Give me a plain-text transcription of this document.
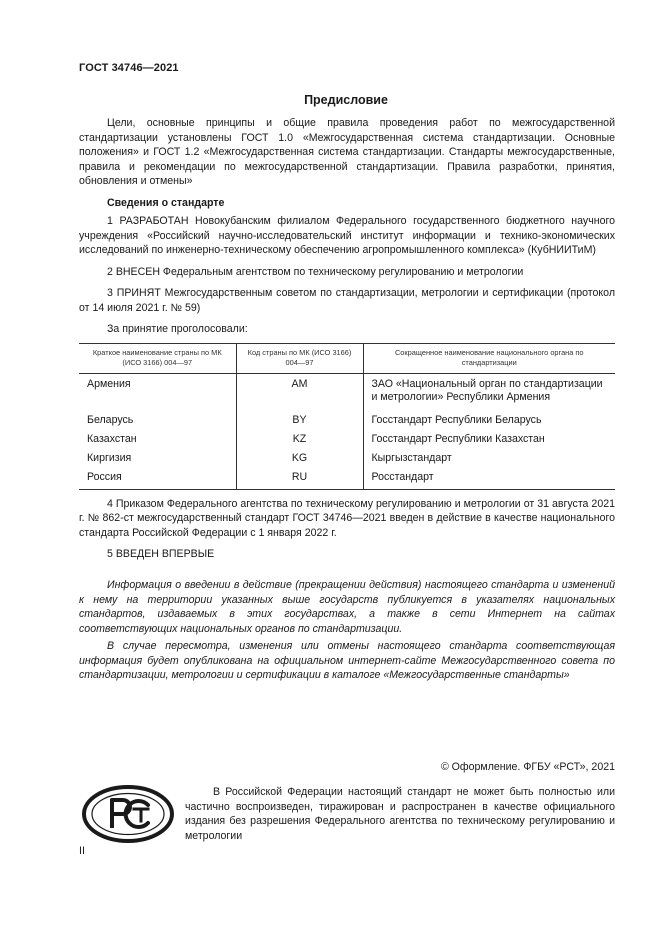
ГОСТ 34746—2021
Предисловие

Цели, основные принципы и общие правила проведения работ по межгосударственной стандартизации установлены ГОСТ 1.0 «Межгосударственная система стандартизации. Основные положения» и ГОСТ 1.2 «Межгосударственная система стандартизации. Стандарты межгосударственные, правила и рекомендации по межгосударственной стандартизации. Правила разработки, принятия, обновления и отмены»

Сведения о стандарте

1 РАЗРАБОТАН Новокубанским филиалом Федерального государственного бюджетного научного учреждения «Российский научно-исследовательский институт информации и технико-экономических исследований по инженерно-техническому обеспечению агропромышленного комплекса» (КубНИИТиМ)

2 ВНЕСЕН Федеральным агентством по техническому регулированию и метрологии

3 ПРИНЯТ Межгосударственным советом по стандартизации, метрологии и сертификации (протокол от 14 июля 2021 г. № 59)

За принятие проголосовали:

Краткое наименование страны по МК (ИСО 3166) 004—97	Код страны по МК (ИСО 3166) 004—97	Сокращенное наименование национального органа по стандартизации
Армения	AM	ЗАО «Национальный орган по стандартизации и метрологии» Республики Армения
Беларусь	BY	Госстандарт Республики Беларусь
Казахстан	KZ	Госстандарт Республики Казахстан
Киргизия	KG	Кыргызстандарт
Россия	RU	Росстандарт

4 Приказом Федерального агентства по техническому регулированию и метрологии от 31 августа 2021 г. № 862-ст межгосударственный стандарт ГОСТ 34746—2021 введен в действие в качестве национального стандарта Российской Федерации с 1 января 2022 г.

5 ВВЕДЕН ВПЕРВЫЕ

Информация о введении в действие (прекращении действия) настоящего стандарта и изменений к нему на территории указанных выше государств публикуется в указателях национальных стандартов, издаваемых в этих государствах, а также в сети Интернет на сайтах соответствующих национальных органов по стандартизации.

В случае пересмотра, изменения или отмены настоящего стандарта соответствующая информация будет опубликована на официальном интернет-сайте Межгосударственного совета по стандартизации, метрологии и сертификации в каталоге «Межгосударственные стандарты»

© Оформление. ФГБУ «РСТ», 2021

В Российской Федерации настоящий стандарт не может быть полностью или частично воспроизведен, тиражирован и распространен в качестве официального издания без разрешения Федерального агентства по техническому регулированию и метрологии

II
